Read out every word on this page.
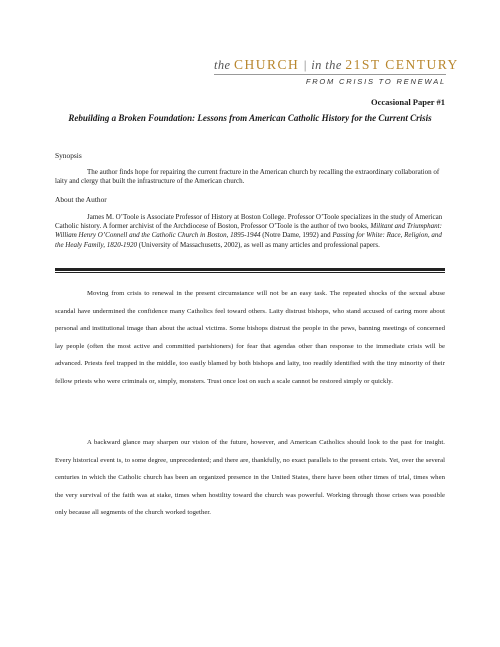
the CHURCH | in the 21ST CENTURY
FROM CRISIS TO RENEWAL
Occasional Paper #1
Rebuilding a Broken Foundation: Lessons from American Catholic History for the Current Crisis
Synopsis
The author finds hope for repairing the current fracture in the American church by recalling the extraordinary collaboration of laity and clergy that built the infrastructure of the American church.
About the Author
James M. O’Toole is Associate Professor of History at Boston College. Professor O’Toole specializes in the study of American Catholic history. A former archivist of the Archdiocese of Boston, Professor O’Toole is the author of two books, Militant and Triumphant: William Henry O’Connell and the Catholic Church in Boston, 1895-1944 (Notre Dame, 1992) and Passing for White: Race, Religion, and the Healy Family, 1820-1920 (University of Massachusetts, 2002), as well as many articles and professional papers.
Moving from crisis to renewal in the present circumstance will not be an easy task. The repeated shocks of the sexual abuse scandal have undermined the confidence many Catholics feel toward others. Laity distrust bishops, who stand accused of caring more about personal and institutional image than about the actual victims. Some bishops distrust the people in the pews, banning meetings of concerned lay people (often the most active and committed parishioners) for fear that agendas other than response to the immediate crisis will be advanced. Priests feel trapped in the middle, too easily blamed by both bishops and laity, too readily identified with the tiny minority of their fellow priests who were criminals or, simply, monsters. Trust once lost on such a scale cannot be restored simply or quickly.
A backward glance may sharpen our vision of the future, however, and American Catholics should look to the past for insight. Every historical event is, to some degree, unprecedented; and there are, thankfully, no exact parallels to the present crisis. Yet, over the several centuries in which the Catholic church has been an organized presence in the United States, there have been other times of trial, times when the very survival of the faith was at stake, times when hostility toward the church was powerful. Working through those crises was possible only because all segments of the church worked together.
